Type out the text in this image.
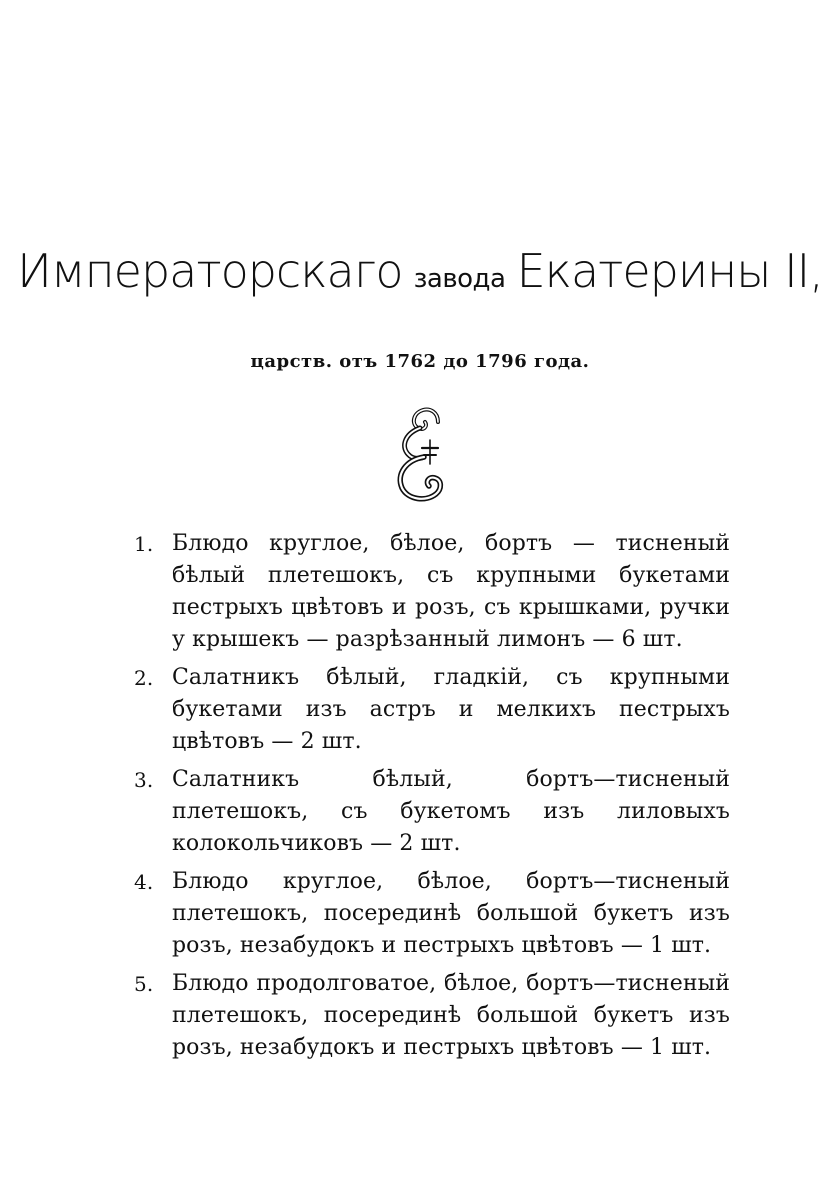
Императорскаго завода Екатерины II,
царств. отъ 1762 до 1796 года.
1. Блюдо круглое, бѣлое, бортъ — тисненый бѣлый плетешокъ, съ крупными букетами пестрыхъ цвѣтовъ и розъ, съ крышками, ручки у крышекъ — разрѣзанный лимонъ — 6 шт.
2. Салатникъ бѣлый, гладкій, съ крупными букетами изъ астръ и мелкихъ пестрыхъ цвѣтовъ — 2 шт.
3. Салатникъ бѣлый, бортъ—тисненый плетешокъ, съ букетомъ изъ лиловыхъ колокольчиковъ — 2 шт.
4. Блюдо круглое, бѣлое, бортъ—тисненый плетешокъ, посерединѣ большой букетъ изъ розъ, незабудокъ и пестрыхъ цвѣтовъ — 1 шт.
5. Блюдо продолговатое, бѣлое, бортъ—тисненый плетешокъ, посерединѣ большой букетъ изъ розъ, незабудокъ и пестрыхъ цвѣтовъ — 1 шт.
